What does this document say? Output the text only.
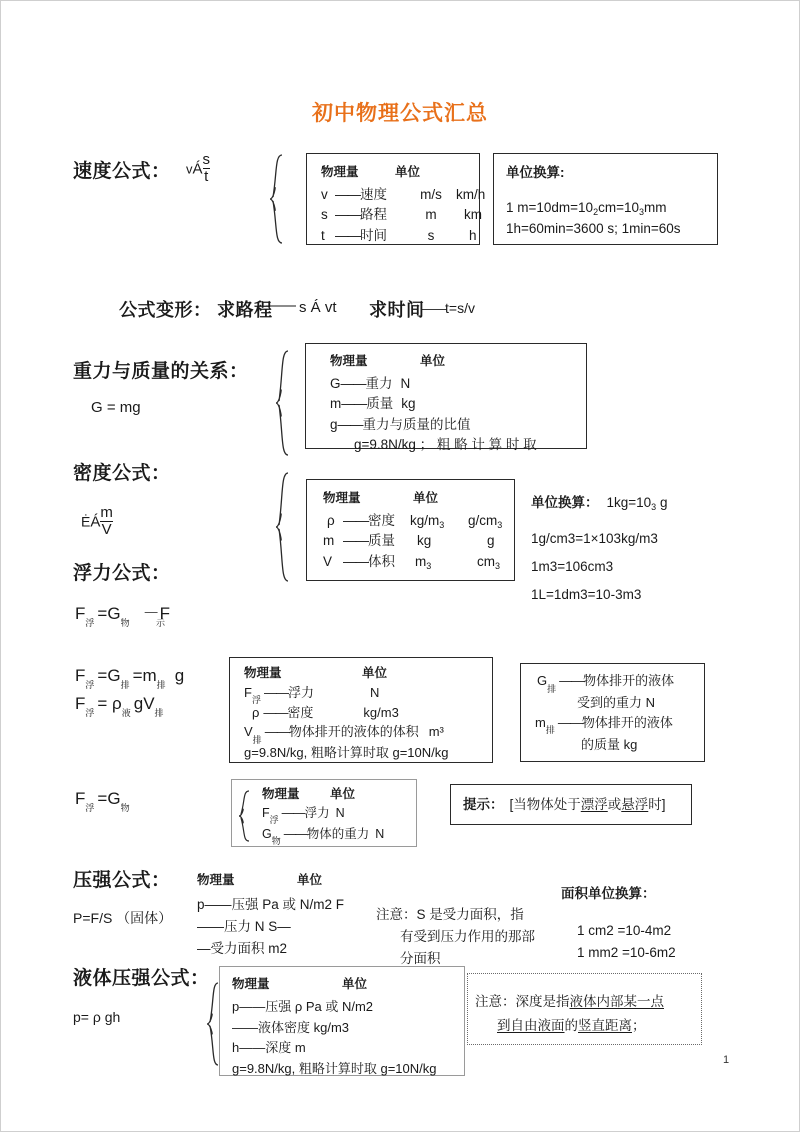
初中物理公式汇总
速度公式： vÁ $\frac{s}{t}$	物理量	单位
v ——速度 m/s km/h
s ——路程	m km
t ——时间	s	h
单位换算:
1 $m=10dm=10_2cm=10_3mm$
1h=60min=3600 s; 1min=60s
公式变形： 求路程
—— s Á vt 求时间
——
t=s/v
重力与质量的关系：
G = mg
物理量	单位
G——重力 N
m——质量 kg
g——重力与质量的比值
g=9.8N/kg ； 粗 略 计 算 时 取
密度公式：
ĖÁ $\frac{m}{V}$
物理量	单位
ρ ——密度 $kg/m_3$ $g/cm_3$
m ——质量 kg	g
V ——体积 $m_3$	$cm_3$
单位换算： $1kg=10_3$ g
1g/cm3=1×103kg/m3
1m3=106cm3
1L=1dm3=10-3m3
浮力公式：
$F_浮=G_物-F_示$
$F_浮=G_排=m_排g$
$F_浮= \rho_液gV_排$
物理量	单位
$F_浮——$浮力	N
ρ ——密度	kg/m3
$V_排——$物体排开的液体的体积 m³
g=9.8N/kg, 粗略计算时取 g=10N/kg
$G_排——$物体排开的液体
受到的重力 N
$m_排——$物体排开的液体
的质量 kg
$F_浮=G_物$
物理量 单位
$F_浮——$浮力 N
$G_物——$物体的重力 N
提示： [当物体处于漂浮或悬浮时]
压强公式：
P=F/S （固体）
物理量	单位
p——压强 Pa 或 N/m2 F
——压力 N S—
—受力面积 m2
注意：S 是受力面积，指
有受到压力作用的那部
分面积
面积单位换算：
1 cm2 =10-4m2
1 mm2 =10-6m2
液体压强公式：
p= ρ gh
物理量	单位
p——压强 ρ Pa 或 N/m2
——液体密度 kg/m3
h——深度 m
g=9.8N/kg, 粗略计算时取 g=10N/kg
注意：深度是指液体内部某一点
到自由液面的竖直距离；
1
